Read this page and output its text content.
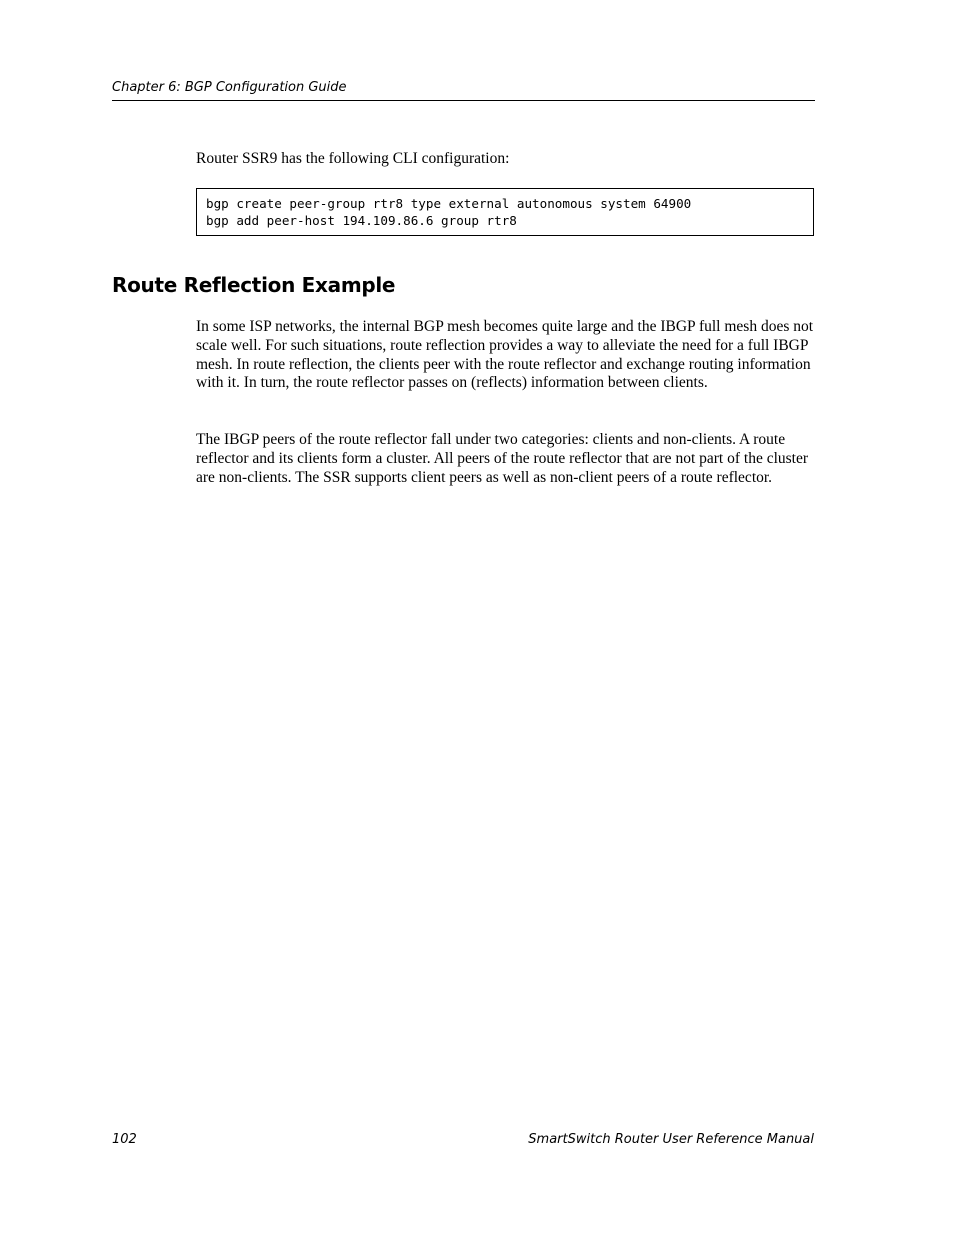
Chapter 6: BGP Configuration Guide

Router SSR9 has the following CLI configuration:

bgp create peer-group rtr8 type external autonomous system 64900
bgp add peer-host 194.109.86.6 group rtr8
Route Reflection Example

In some ISP networks, the internal BGP mesh becomes quite large and the IBGP full mesh does not scale well. For such situations, route reflection provides a way to alleviate the need for a full IBGP mesh. In route reflection, the clients peer with the route reflector and exchange routing information with it. In turn, the route reflector passes on (reflects) information between clients.

The IBGP peers of the route reflector fall under two categories: clients and non-clients. A route reflector and its clients form a cluster. All peers of the route reflector that are not part of the cluster are non-clients. The SSR supports client peers as well as non-client peers of a route reflector.

102	SmartSwitch Router User Reference Manual
